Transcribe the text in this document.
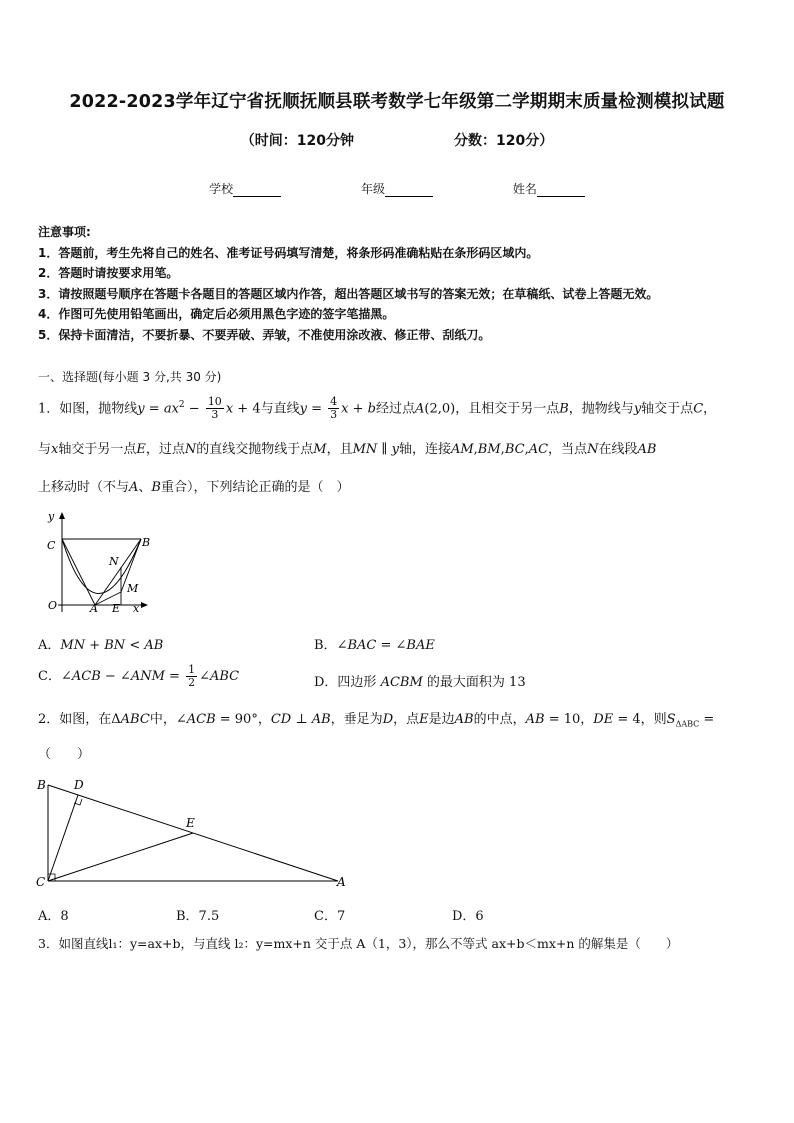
2022-2023学年辽宁省抚顺抚顺县联考数学七年级第二学期期末质量检测模拟试题
（时间：120分钟	分数：120分）
学校	年级	姓名
注意事项:
1．答题前，考生先将自己的姓名、准考证号码填写清楚，将条形码准确粘贴在条形码区域内。
2．答题时请按要求用笔。
3．请按照题号顺序在答题卡各题目的答题区域内作答，超出答题区域书写的答案无效；在草稿纸、试卷上答题无效。
4．作图可先使用铅笔画出，确定后必须用黑色字迹的签字笔描黑。
5．保持卡面清洁，不要折暴、不要弄破、弄皱，不准使用涂改液、修正带、刮纸刀。
一、选择题(每小题 3 分,共 30 分)
1．如图，抛物线$y = ax^2 - \frac{10}{3}$ x + 4与直线$y = \frac{4}{3}$ x + b经过点A(2,0)，且相交于另一点B，抛物线与y轴交于点C，
与x轴交于另一点E，过点N的直线交抛物线于点M，且MN ∥ y轴，连接AM,BM,BC,AC，当点N在线段AB
上移动时（不与A、B重合），下列结论正确的是（　）
y
C	B
N
M
O	A E x
A．MN + BN < AB	B．∠BAC = ∠BAE
C．∠ACB − ∠ANM = $\frac{1}{2}$ ∠ABC	D．四边形 ACBM 的最大面积为 13
2．如图，在ΔABC中，∠ACB = 90°，CD ⊥ AB，垂足为D，点E是边AB的中点，AB = 10，DE = 4，则$S_{\Delta ABC}$ =
（　　）
B D
E
C	A
A．8	B．7.5	C．7	D．6
3．如图直线l₁：y=ax+b，与直线 l₂：y=mx+n 交于点 A（1，3），那么不等式 ax+b＜mx+n 的解集是（　　）
